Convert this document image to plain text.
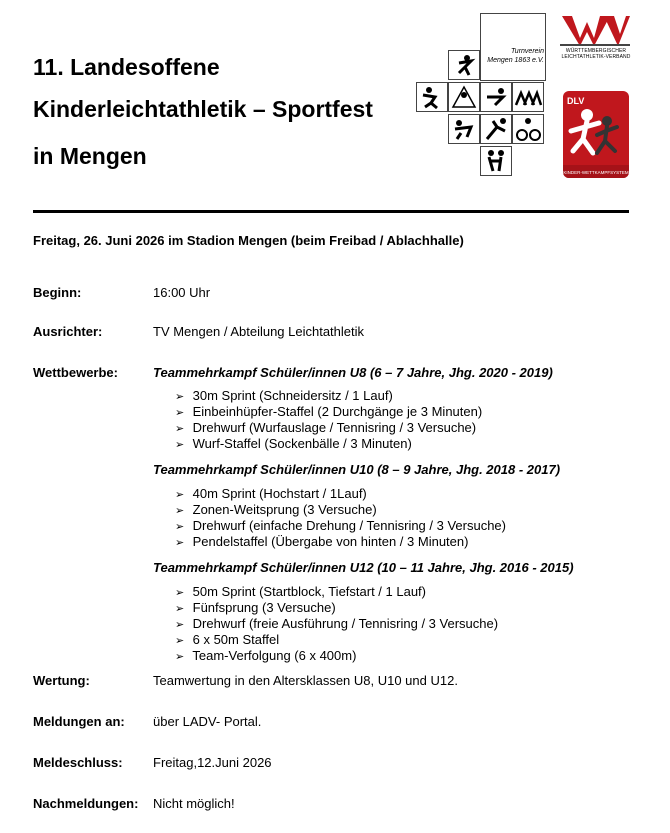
11. Landesoffene
Kinderleichtathletik – Sportfest
in Mengen
Turnverein
Mengen 1863 e.V.
WÜRTTEMBERGISCHER
LEICHTATHLETIK-VERBAND
DLV
KINDER-WETTKAMPFSYSTEM
Freitag, 26. Juni 2026 im Stadion Mengen (beim Freibad / Ablachhalle)
Beginn:	16:00 Uhr
Ausrichter:	TV Mengen / Abteilung Leichtathletik
Wettbewerbe:	Teammehrkampf Schüler/innen U8 (6 – 7 Jahre, Jhg. 2020 - 2019)
➢ 30m Sprint (Schneidersitz / 1 Lauf)
➢ Einbeinhüpfer-Staffel (2 Durchgänge je 3 Minuten)
➢ Drehwurf (Wurfauslage / Tennisring / 3 Versuche)
➢ Wurf-Staffel (Sockenbälle / 3 Minuten)
Teammehrkampf Schüler/innen U10 (8 – 9 Jahre, Jhg. 2018 - 2017)
➢ 40m Sprint (Hochstart / 1Lauf)
➢ Zonen-Weitsprung (3 Versuche)
➢ Drehwurf (einfache Drehung / Tennisring / 3 Versuche)
➢ Pendelstaffel (Übergabe von hinten / 3 Minuten)
Teammehrkampf Schüler/innen U12 (10 – 11 Jahre, Jhg. 2016 - 2015)
➢ 50m Sprint (Startblock, Tiefstart / 1 Lauf)
➢ Fünfsprung (3 Versuche)
➢ Drehwurf (freie Ausführung / Tennisring / 3 Versuche)
➢ 6 x 50m Staffel
➢ Team-Verfolgung (6 x 400m)
Wertung:	Teamwertung in den Altersklassen U8, U10 und U12.
Meldungen an: über LADV- Portal.
Meldeschluss: Freitag,12.Juni 2026
Nachmeldungen: Nicht möglich!
